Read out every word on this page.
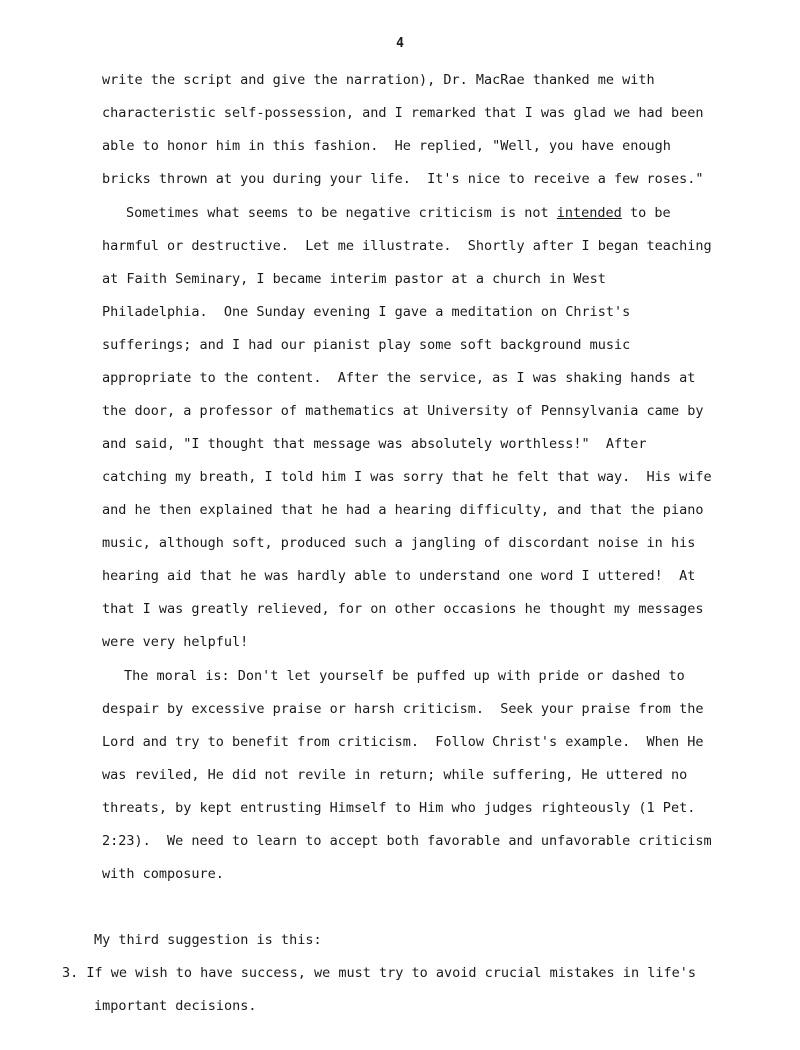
4
write the script and give the narration), Dr. MacRae thanked me with
characteristic self-possession, and I remarked that I was glad we had been
able to honor him in this fashion.  He replied, "Well, you have enough
bricks thrown at you during your life.  It's nice to receive a few roses."
Sometimes what seems to be negative criticism is not intended to be
harmful or destructive.  Let me illustrate.  Shortly after I began teaching
at Faith Seminary, I became interim pastor at a church in West
Philadelphia.  One Sunday evening I gave a meditation on Christ's
sufferings; and I had our pianist play some soft background music
appropriate to the content.  After the service, as I was shaking hands at
the door, a professor of mathematics at University of Pennsylvania came by
and said, "I thought that message was absolutely worthless!"  After
catching my breath, I told him I was sorry that he felt that way.  His wife
and he then explained that he had a hearing difficulty, and that the piano
music, although soft, produced such a jangling of discordant noise in his
hearing aid that he was hardly able to understand one word I uttered!  At
that I was greatly relieved, for on other occasions he thought my messages
were very helpful!
The moral is: Don't let yourself be puffed up with pride or dashed to
despair by excessive praise or harsh criticism.  Seek your praise from the
Lord and try to benefit from criticism.  Follow Christ's example.  When He
was reviled, He did not revile in return; while suffering, He uttered no
threats, by kept entrusting Himself to Him who judges righteously (1 Pet.
2:23).  We need to learn to accept both favorable and unfavorable criticism
with composure.
My third suggestion is this:
3. If we wish to have success, we must try to avoid crucial mistakes in life's
important decisions.
